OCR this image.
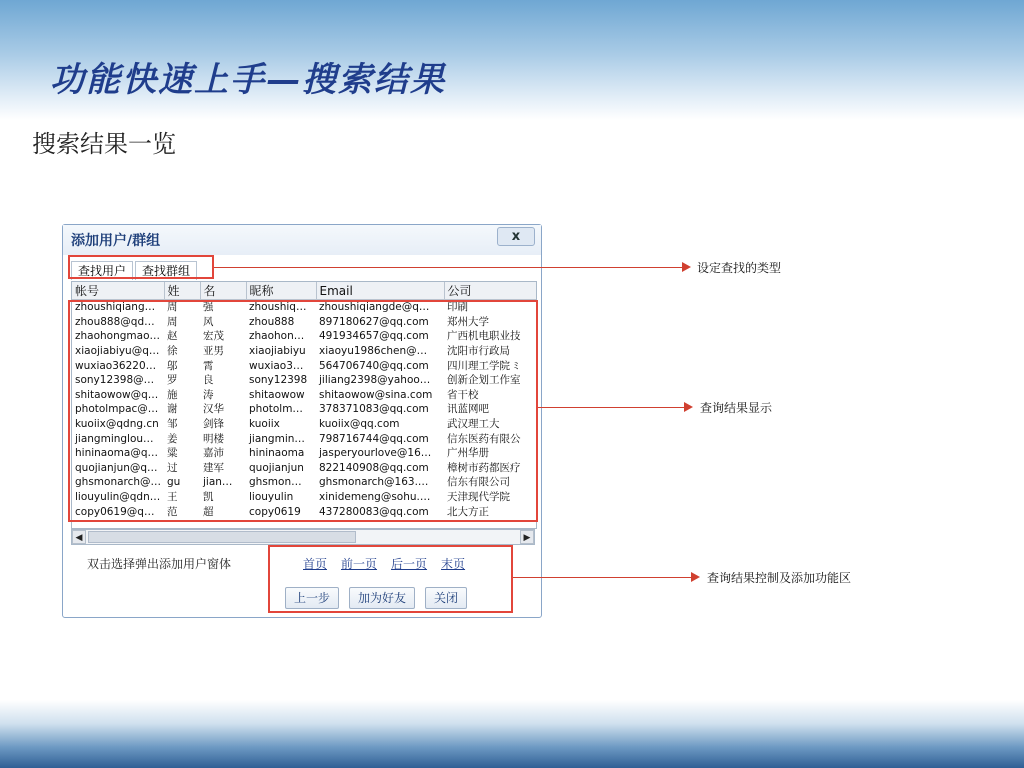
功能快速上手—搜索结果
搜索结果一览
添加用户/群组	x
查找用户 查找群组
帐号	姓	名	昵称	Email	公司
zhoushiqiang…	周	强	zhoushiq…	zhoushiqiangde@q…	印刷
zhou888@qd…	周	风	zhou888	897180627@qq.com	郑州大学
zhaohongmao…	赵	宏茂	zhaohon…	491934657@qq.com	广西机电职业技
xiaojiabiyu@q…	徐	亚男	xiaojiabiyu	xiaoyu1986chen@…	沈阳市行政局
wuxiao36220…	邬	霄	wuxiao3…	564706740@qq.com	四川理工学院 ﾐ
sony12398@…	罗	良	sony12398	jiliang2398@yahoo…	创新企划工作室
shitaowow@q…	施	涛	shitaowow	shitaowow@sina.com	省干校
photolmpac@…	谢	汉华	photolm…	378371083@qq.com	讯蓝网吧
kuoiix@qdng.cn	邹	剑锋	kuoiix	kuoiix@qq.com	武汉理工大
jiangminglou…	姜	明楼	jiangmin…	798716744@qq.com	信东医药有限公
hininaoma@q…	粱	嘉沛	hininaoma	jasperyourlove@16…	广州华册
quojianjun@q…	过	建军	quojianjun	822140908@qq.com	樟树市药都医疗
ghsmonarch@…	gu	jian…	ghsmon…	ghsmonarch@163.…	信东有限公司
liouyulin@qdn…	王	凯	liouyulin	xinidemeng@sohu.…	天津现代学院
copy0619@q…	范	超	copy0619	437280083@qq.com	北大方正
◀	▶
双击选择弹出添加用户窗体	首页 前一页 后一页 末页
上一步 加为好友 关闭
设定查找的类型
查询结果显示
查询结果控制及添加功能区
